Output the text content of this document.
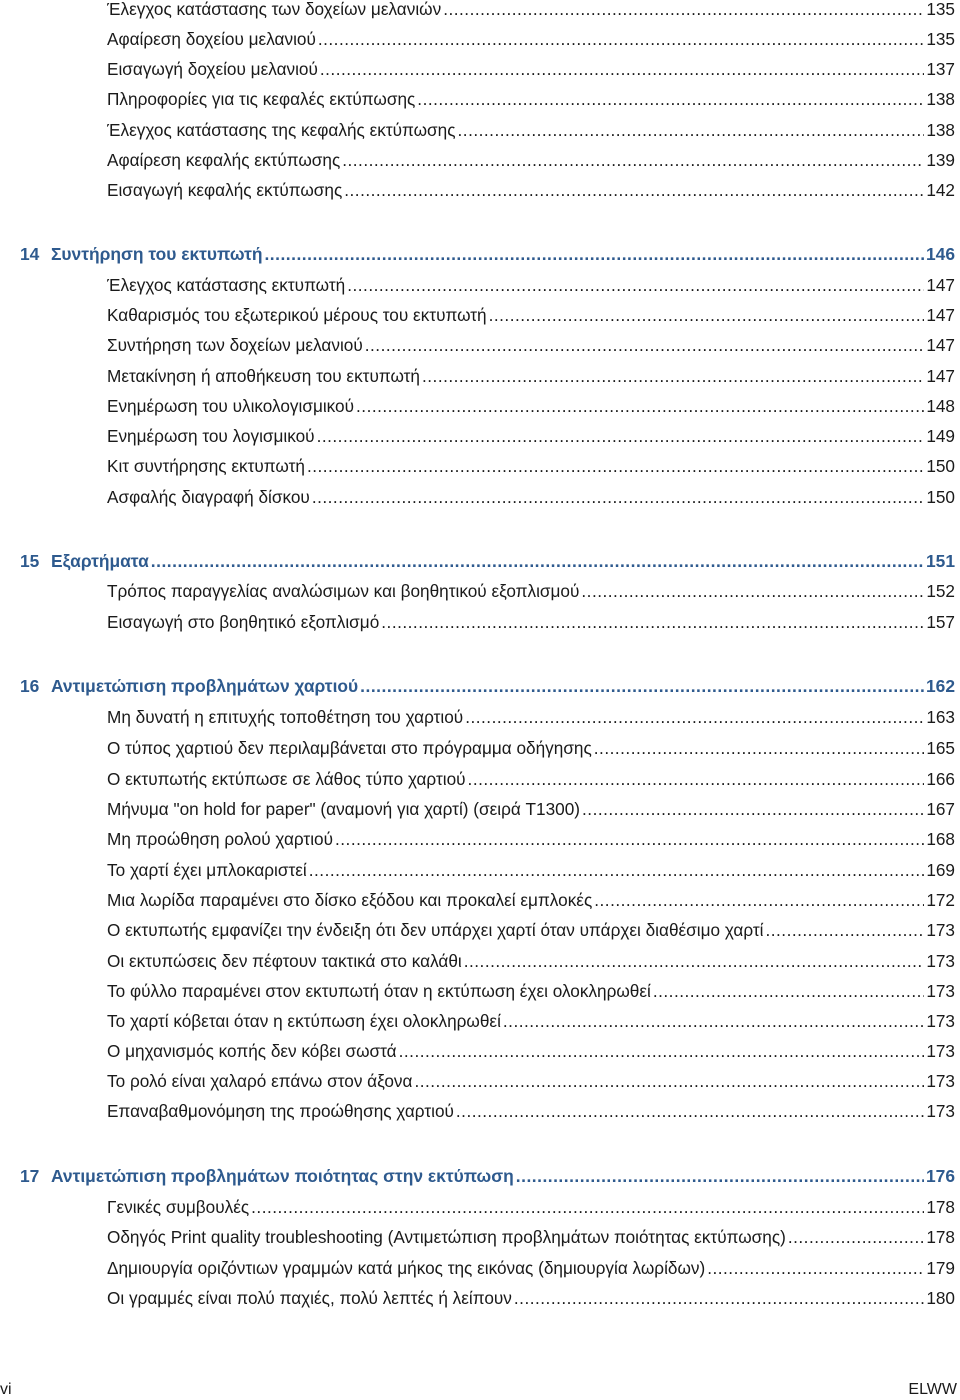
Έλεγχος κατάστασης των δοχείων μελανιών .....	135
Αφαίρεση δοχείου μελανιού .....	135
Εισαγωγή δοχείου μελανιού .....	137
Πληροφορίες για τις κεφαλές εκτύπωσης .....	138
Έλεγχος κατάστασης της κεφαλής εκτύπωσης .....	138
Αφαίρεση κεφαλής εκτύπωσης .....	139
Εισαγωγή κεφαλής εκτύπωσης .....	142
14 Συντήρηση του εκτυπωτή .....	146
Έλεγχος κατάστασης εκτυπωτή .....	147
Καθαρισμός του εξωτερικού μέρους του εκτυπωτή .....	147
Συντήρηση των δοχείων μελανιού .....	147
Μετακίνηση ή αποθήκευση του εκτυπωτή .....	147
Ενημέρωση του υλικολογισμικού .....	148
Ενημέρωση του λογισμικού .....	149
Κιτ συντήρησης εκτυπωτή .....	150
Ασφαλής διαγραφή δίσκου .....	150
15 Εξαρτήματα .....	151
Τρόπος παραγγελίας αναλώσιμων και βοηθητικού εξοπλισμού .....	152
Εισαγωγή στο βοηθητικό εξοπλισμό .....	157
16 Αντιμετώπιση προβλημάτων χαρτιού .....	162
Μη δυνατή η επιτυχής τοποθέτηση του χαρτιού .....	163
Ο τύπος χαρτιού δεν περιλαμβάνεται στο πρόγραμμα οδήγησης .....	165
Ο εκτυπωτής εκτύπωσε σε λάθος τύπο χαρτιού .....	166
Μήνυμα "on hold for paper" (αναμονή για χαρτί) (σειρά T1300) .....	167
Μη προώθηση ρολού χαρτιού .....	168
Το χαρτί έχει μπλοκαριστεί .....	169
Μια λωρίδα παραμένει στο δίσκο εξόδου και προκαλεί εμπλοκές .....	172
Ο εκτυπωτής εμφανίζει την ένδειξη ότι δεν υπάρχει χαρτί όταν υπάρχει διαθέσιμο χαρτί .....	173
Οι εκτυπώσεις δεν πέφτουν τακτικά στο καλάθι .....	173
Το φύλλο παραμένει στον εκτυπωτή όταν η εκτύπωση έχει ολοκληρωθεί .....	173
Το χαρτί κόβεται όταν η εκτύπωση έχει ολοκληρωθεί .....	173
Ο μηχανισμός κοπής δεν κόβει σωστά .....	173
Το ρολό είναι χαλαρό επάνω στον άξονα .....	173
Επαναβαθμονόμηση της προώθησης χαρτιού .....	173
17 Αντιμετώπιση προβλημάτων ποιότητας στην εκτύπωση .....	176
Γενικές συμβουλές .....	178
Οδηγός Print quality troubleshooting (Αντιμετώπιση προβλημάτων ποιότητας εκτύπωσης) .....	178
Δημιουργία οριζόντιων γραμμών κατά μήκος της εικόνας (δημιουργία λωρίδων) .....	179
Οι γραμμές είναι πολύ παχιές, πολύ λεπτές ή λείπουν .....	180
vi	ELWW
